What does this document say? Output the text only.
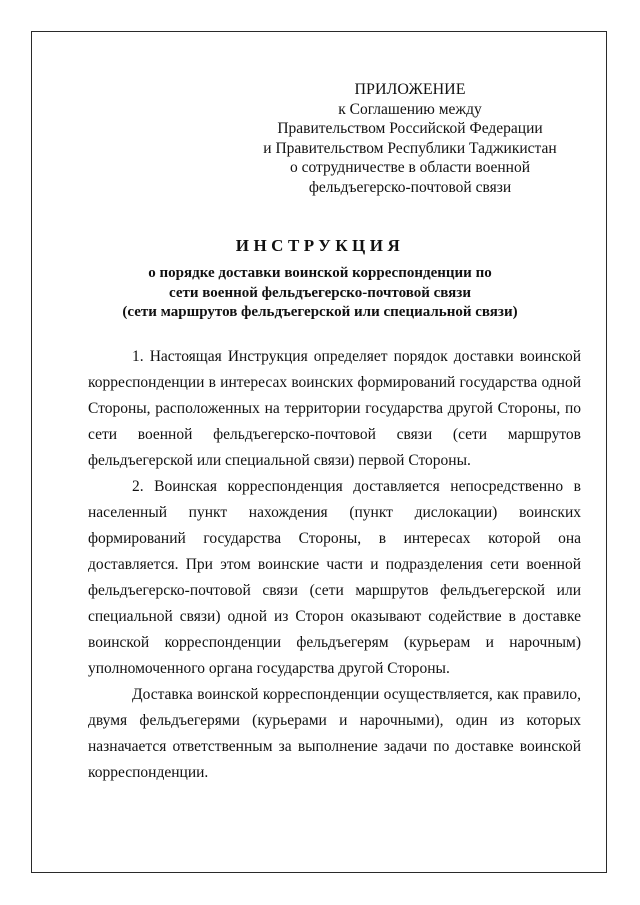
ПРИЛОЖЕНИЕ
к Соглашению между
Правительством Российской Федерации
и Правительством Республики Таджикистан
о сотрудничестве в области военной
фельдъегерско-почтовой связи
ИНСТРУКЦИЯ
о порядке доставки воинской корреспонденции по
сети военной фельдъегерско-почтовой связи
(сети маршрутов фельдъегерской или специальной связи)
1. Настоящая Инструкция определяет порядок доставки воинской
корреспонденции в интересах воинских формирований государства одной
Стороны, расположенных на территории государства другой Стороны, по
сети военной фельдъегерско-почтовой связи (сети маршрутов
фельдъегерской или специальной связи) первой Стороны.
2. Воинская корреспонденция доставляется непосредственно в
населенный пункт нахождения (пункт дислокации) воинских
формирований государства Стороны, в интересах которой она
доставляется. При этом воинские части и подразделения сети военной
фельдъегерско-почтовой связи (сети маршрутов фельдъегерской или
специальной связи) одной из Сторон оказывают содействие в доставке
воинской корреспонденции фельдъегерям (курьерам и нарочным)
уполномоченного органа государства другой Стороны.
Доставка воинской корреспонденции осуществляется, как правило,
двумя фельдъегерями (курьерами и нарочными), один из которых
назначается ответственным за выполнение задачи по доставке воинской
корреспонденции.
